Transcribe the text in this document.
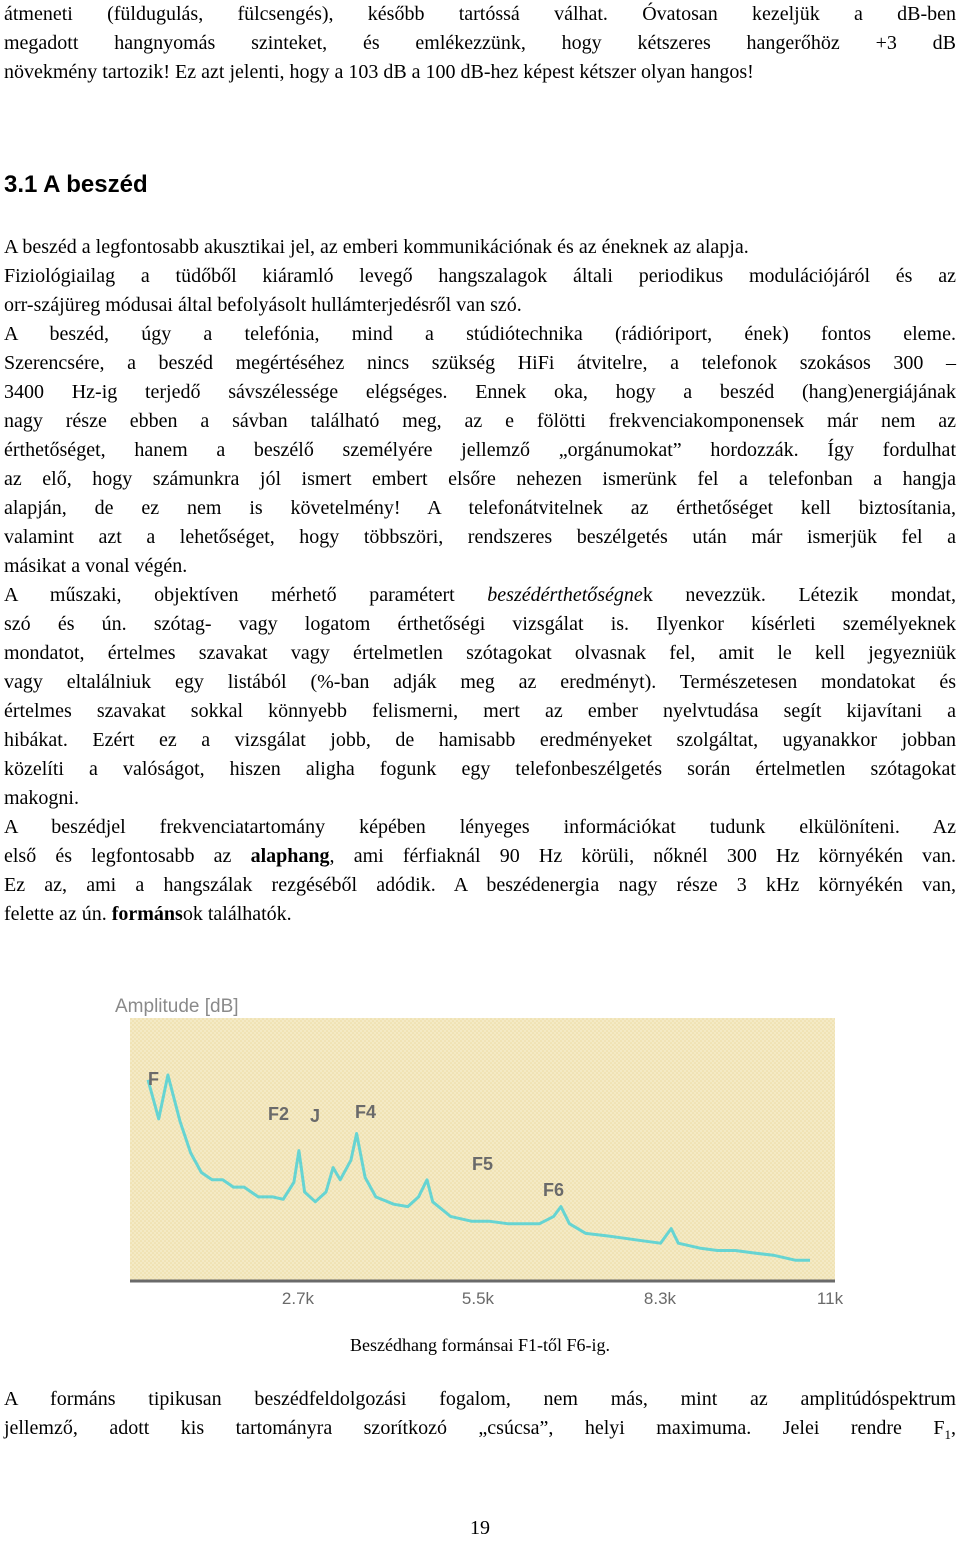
átmeneti (füldugulás, fülcsengés), később tartóssá válhat. Óvatosan kezeljük a dB-ben
megadott hangnyomás szinteket, és emlékezzünk, hogy kétszeres hangerőhöz +3 dB
növekmény tartozik! Ez azt jelenti, hogy a 103 dB a 100 dB-hez képest kétszer olyan hangos!
3.1 A beszéd
A beszéd a legfontosabb akusztikai jel, az emberi kommunikációnak és az éneknek az alapja.
Fiziológiailag a tüdőből kiáramló levegő hangszalagok általi periodikus modulációjáról és az
orr-szájüreg módusai által befolyásolt hullámterjedésről van szó.
A beszéd, úgy a telefónia, mind a stúdiótechnika (rádióriport, ének) fontos eleme.
Szerencsére, a beszéd megértéséhez nincs szükség HiFi átvitelre, a telefonok szokásos 300 –
3400 Hz-ig terjedő sávszélessége elégséges. Ennek oka, hogy a beszéd (hang)energiájának
nagy része ebben a sávban található meg, az e fölötti frekvenciakomponensek már nem az
érthetőséget, hanem a beszélő személyére jellemző „orgánumokat” hordozzák. Így fordulhat
az elő, hogy számunkra jól ismert embert elsőre nehezen ismerünk fel a telefonban a hangja
alapján, de ez nem is követelmény! A telefonátvitelnek az érthetőséget kell biztosítania,
valamint azt a lehetőséget, hogy többszöri, rendszeres beszélgetés után már ismerjük fel a
másikat a vonal végén.
A műszaki, objektíven mérhető paramétert beszédérthetőségnek nevezzük. Létezik mondat,
szó és ún. szótag- vagy logatom érthetőségi vizsgálat is. Ilyenkor kísérleti személyeknek
mondatot, értelmes szavakat vagy értelmetlen szótagokat olvasnak fel, amit le kell jegyezniük
vagy eltalálniuk egy listából (%-ban adják meg az eredményt). Természetesen mondatokat és
értelmes szavakat sokkal könnyebb felismerni, mert az ember nyelvtudása segít kijavítani a
hibákat. Ezért ez a vizsgálat jobb, de hamisabb eredményeket szolgáltat, ugyanakkor jobban
közelíti a valóságot, hiszen aligha fogunk egy telefonbeszélgetés során értelmetlen szótagokat
makogni.
A beszédjel frekvenciatartomány képében lényeges információkat tudunk elkülöníteni. Az
első és legfontosabb az alaphang, ami férfiaknál 90 Hz körüli, nőknél 300 Hz környékén van.
Ez az, ami a hangszálak rezgéséből adódik. A beszédenergia nagy része 3 kHz környékén van,
felette az ún. formánsok találhatók.
Amplitude [dB]
F
F2 J F4
F5
F6
2.7k	5.5k	8.3k	11k
Beszédhang formánsai F1-től F6-ig.
A formáns tipikusan beszédfeldolgozási fogalom, nem más, mint az amplitúdóspektrum
jellemző, adott kis tartományra szorítkozó „csúcsa”, helyi maximuma. Jelei rendre $F_1$,
19
